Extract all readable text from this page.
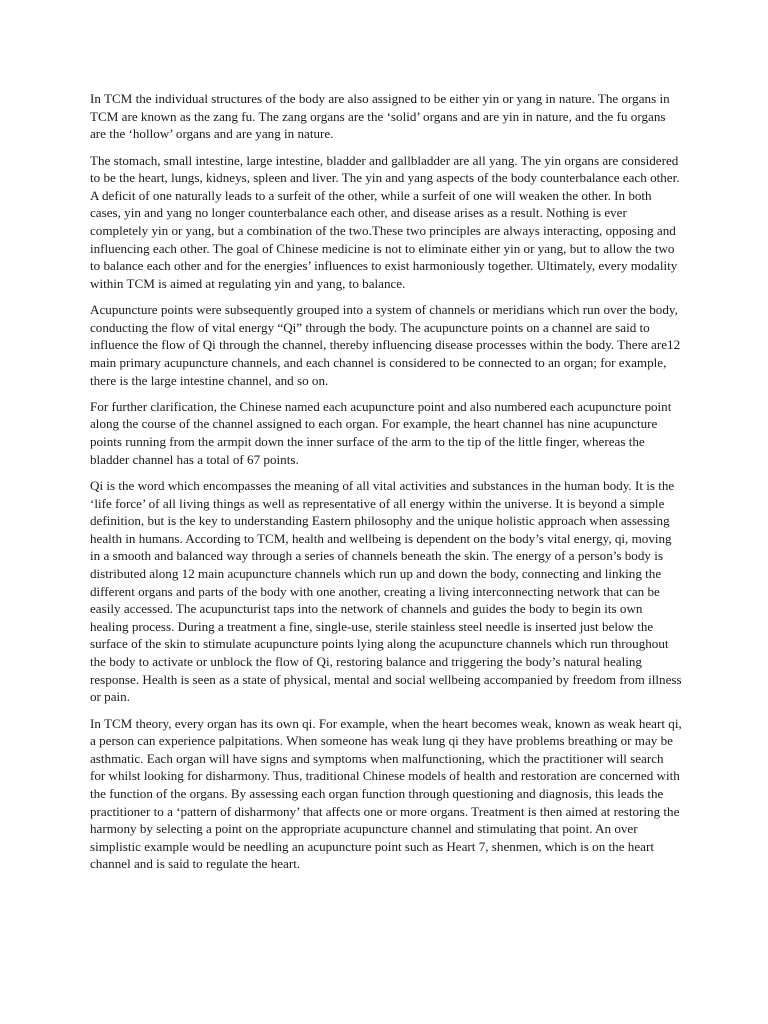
In TCM the individual structures of the body are also assigned to be either yin or yang in nature. The organs in TCM are known as the zang fu. The zang organs are the ‘solid’ organs and are yin in nature, and the fu organs are the ‘hollow’ organs and are yang in nature.

The stomach, small intestine, large intestine, bladder and gallbladder are all yang. The yin organs are considered to be the heart, lungs, kidneys, spleen and liver. The yin and yang aspects of the body counterbalance each other. A deficit of one naturally leads to a surfeit of the other, while a surfeit of one will weaken the other. In both cases, yin and yang no longer counterbalance each other, and disease arises as a result. Nothing is ever completely yin or yang, but a combination of the two.These two principles are always interacting, opposing and influencing each other. The goal of Chinese medicine is not to eliminate either yin or yang, but to allow the two to balance each other and for the energies’ influences to exist harmoniously together. Ultimately, every modality within TCM is aimed at regulating yin and yang, to balance.

Acupuncture points were subsequently grouped into a system of channels or meridians which run over the body, conducting the flow of vital energy “Qi” through the body. The acupuncture points on a channel are said to influence the flow of Qi through the channel, thereby influencing disease processes within the body. There are12 main primary acupuncture channels, and each channel is considered to be connected to an organ; for example, there is the large intestine channel, and so on.

For further clarification, the Chinese named each acupuncture point and also numbered each acupuncture point along the course of the channel assigned to each organ. For example, the heart channel has nine acupuncture points running from the armpit down the inner surface of the arm to the tip of the little finger, whereas the bladder channel has a total of 67 points.

Qi is the word which encompasses the meaning of all vital activities and substances in the human body. It is the ‘life force’ of all living things as well as representative of all energy within the universe. It is beyond a simple definition, but is the key to understanding Eastern philosophy and the unique holistic approach when assessing health in humans. According to TCM, health and wellbeing is dependent on the body’s vital energy, qi, moving in a smooth and balanced way through a series of channels beneath the skin. The energy of a person’s body is distributed along 12 main acupuncture channels which run up and down the body, connecting and linking the different organs and parts of the body with one another, creating a living interconnecting network that can be easily accessed. The acupuncturist taps into the network of channels and guides the body to begin its own healing process. During a treatment a fine, single-use, sterile stainless steel needle is inserted just below the surface of the skin to stimulate acupuncture points lying along the acupuncture channels which run throughout the body to activate or unblock the flow of Qi, restoring balance and triggering the body’s natural healing response. Health is seen as a state of physical, mental and social wellbeing accompanied by freedom from illness or pain.

In TCM theory, every organ has its own qi. For example, when the heart becomes weak, known as weak heart qi, a person can experience palpitations. When someone has weak lung qi they have problems breathing or may be asthmatic. Each organ will have signs and symptoms when malfunctioning, which the practitioner will search for whilst looking for disharmony. Thus, traditional Chinese models of health and restoration are concerned with the function of the organs. By assessing each organ function through questioning and diagnosis, this leads the practitioner to a ‘pattern of disharmony’ that affects one or more organs. Treatment is then aimed at restoring the harmony by selecting a point on the appropriate acupuncture channel and stimulating that point. An over simplistic example would be needling an acupuncture point such as Heart 7, shenmen, which is on the heart channel and is said to regulate the heart.
